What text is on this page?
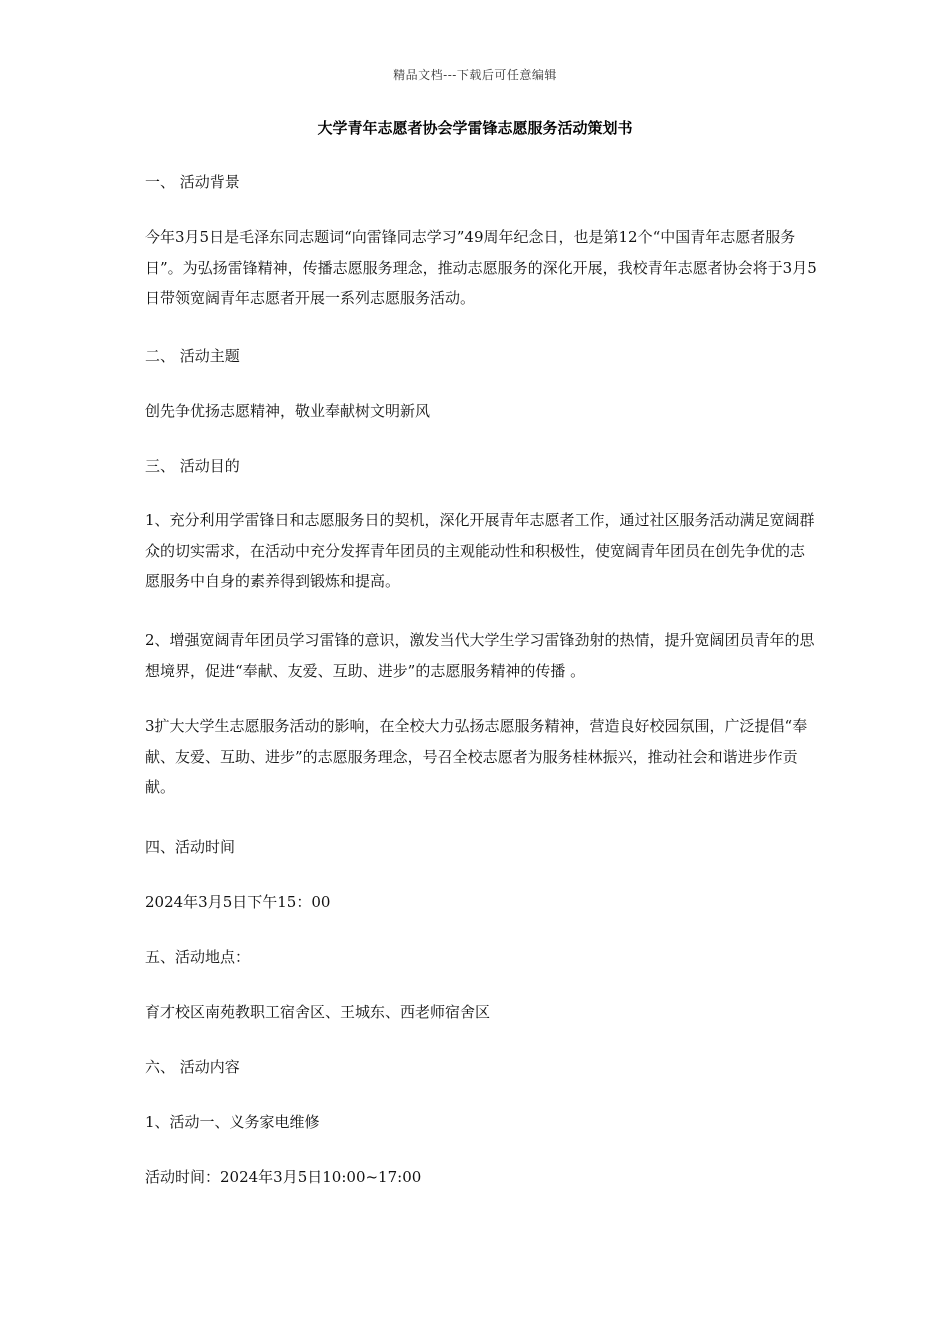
精品文档---下载后可任意编辑
大学青年志愿者协会学雷锋志愿服务活动策划书
一、 活动背景
今年3月5日是毛泽东同志题词“向雷锋同志学习”49周年纪念日，也是第12个“中国青年志愿者服务日”。为弘扬雷锋精神，传播志愿服务理念，推动志愿服务的深化开展，我校青年志愿者协会将于3月5日带领宽阔青年志愿者开展一系列志愿服务活动。
二、 活动主题
创先争优扬志愿精神，敬业奉献树文明新风
三、 活动目的
1、充分利用学雷锋日和志愿服务日的契机，深化开展青年志愿者工作，通过社区服务活动满足宽阔群众的切实需求，在活动中充分发挥青年团员的主观能动性和积极性，使宽阔青年团员在创先争优的志愿服务中自身的素养得到锻炼和提高。
2、增强宽阔青年团员学习雷锋的意识，激发当代大学生学习雷锋劲射的热情，提升宽阔团员青年的思想境界，促进“奉献、友爱、互助、进步”的志愿服务精神的传播 。
3扩大大学生志愿服务活动的影响，在全校大力弘扬志愿服务精神，营造良好校园氛围，广泛提倡“奉献、友爱、互助、进步”的志愿服务理念，号召全校志愿者为服务桂林振兴，推动社会和谐进步作贡献。
四、活动时间
2024年3月5日下午15：00
五、活动地点：
育才校区南苑教职工宿舍区、王城东、西老师宿舍区
六、 活动内容
1、活动一、义务家电维修
活动时间：2024年3月5日10:00~17:00
